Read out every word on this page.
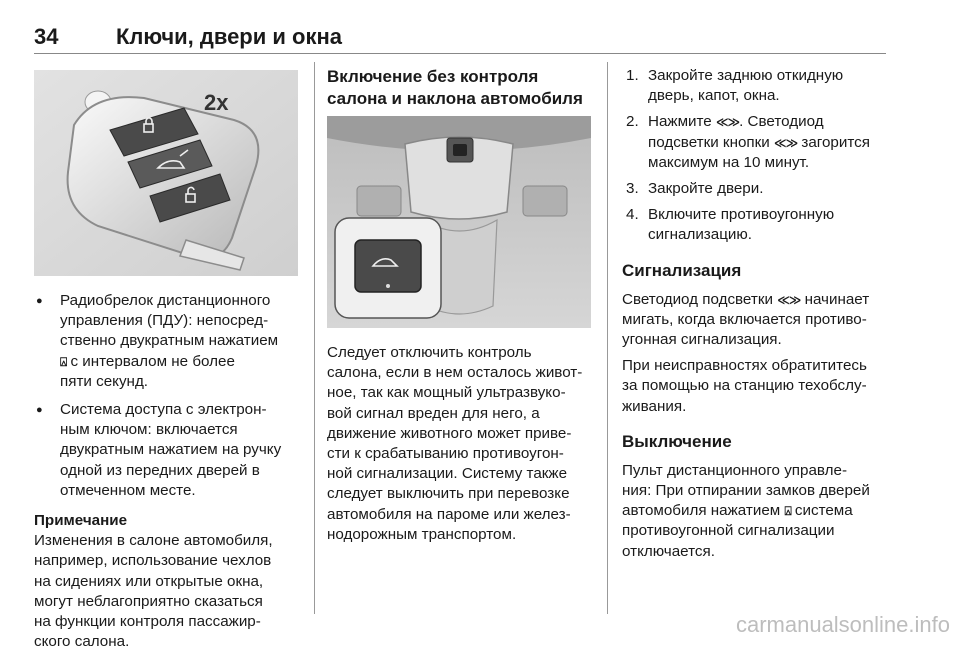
34	Ключи, двери и окна
2x
● Радиобрелок дистанционного
управления (ПДУ): непосред-
ственно двукратным нажатием
⍓ с интервалом не более
пяти секунд.
● Система доступа с электрон-
ным ключом: включается
двукратным нажатием на ручку
одной из передних дверей в
отмеченном месте.
Примечание
Изменения в салоне автомобиля,
например, использование чехлов
на сидениях или открытые окна,
могут неблагоприятно сказаться
на функции контроля пассажир-
ского салона.
Включение без контроля
салона и наклона автомобиля
Следует отключить контроль
салона, если в нем осталось живот-
ное, так как мощный ультразвуко-
вой сигнал вреден для него, а
движение животного может приве-
сти к срабатыванию противоугон-
ной сигнализации. Систему также
следует выключить при перевозке
автомобиля на пароме или желез-
нодорожным транспортом.
1. Закройте заднюю откидную
дверь, капот, окна.
2. Нажмите ≪≫. Светодиод
подсветки кнопки ≪≫ загорится
максимум на 10 минут.
3. Закройте двери.
4. Включите противоугонную
сигнализацию.
Сигнализация

Светодиод подсветки ≪≫ начинает
мигать, когда включается противо-
угонная сигнализация.

При неисправностях обратититесь
за помощью на станцию техобслу-
живания.

Выключение

Пульт дистанционного управле-
ния: При отпирании замков дверей
автомобиля нажатием ⍓ система
противоугонной сигнализации
отключается.

carmanualsonline.info
